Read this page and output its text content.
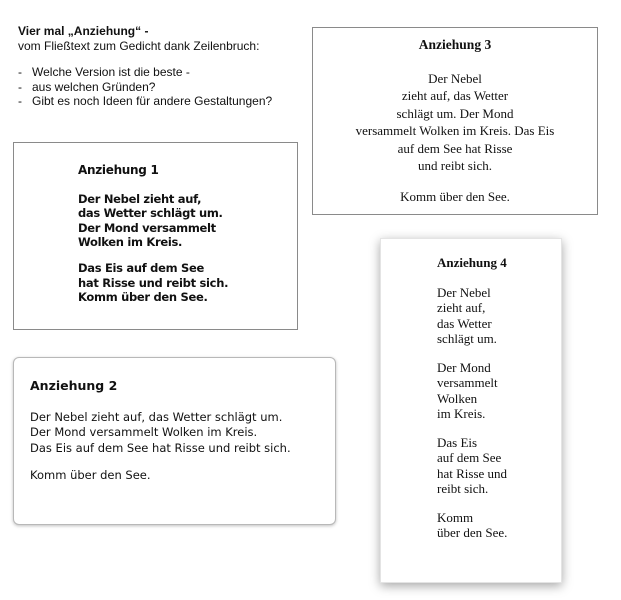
Vier mal „Anziehung“ -
vom Fließtext zum Gedicht dank Zeilenbruch:
- Welche Version ist die beste -
- aus welchen Gründen?
- Gibt es noch Ideen für andere Gestaltungen?
Anziehung 1
Der Nebel zieht auf,
das Wetter schlägt um.
Der Mond versammelt
Wolken im Kreis.
Das Eis auf dem See
hat Risse und reibt sich.
Komm über den See.
Anziehung 2
Der Nebel zieht auf, das Wetter schlägt um.
Der Mond versammelt Wolken im Kreis.
Das Eis auf dem See hat Risse und reibt sich.
Komm über den See.
Anziehung 3
Der Nebel
zieht auf, das Wetter
schlägt um. Der Mond
versammelt Wolken im Kreis. Das Eis
auf dem See hat Risse
und reibt sich.
Komm über den See.
Anziehung 4
Der Nebel
zieht auf,
das Wetter
schlägt um.
Der Mond
versammelt
Wolken
im Kreis.
Das Eis
auf dem See
hat Risse und
reibt sich.
Komm
über den See.
